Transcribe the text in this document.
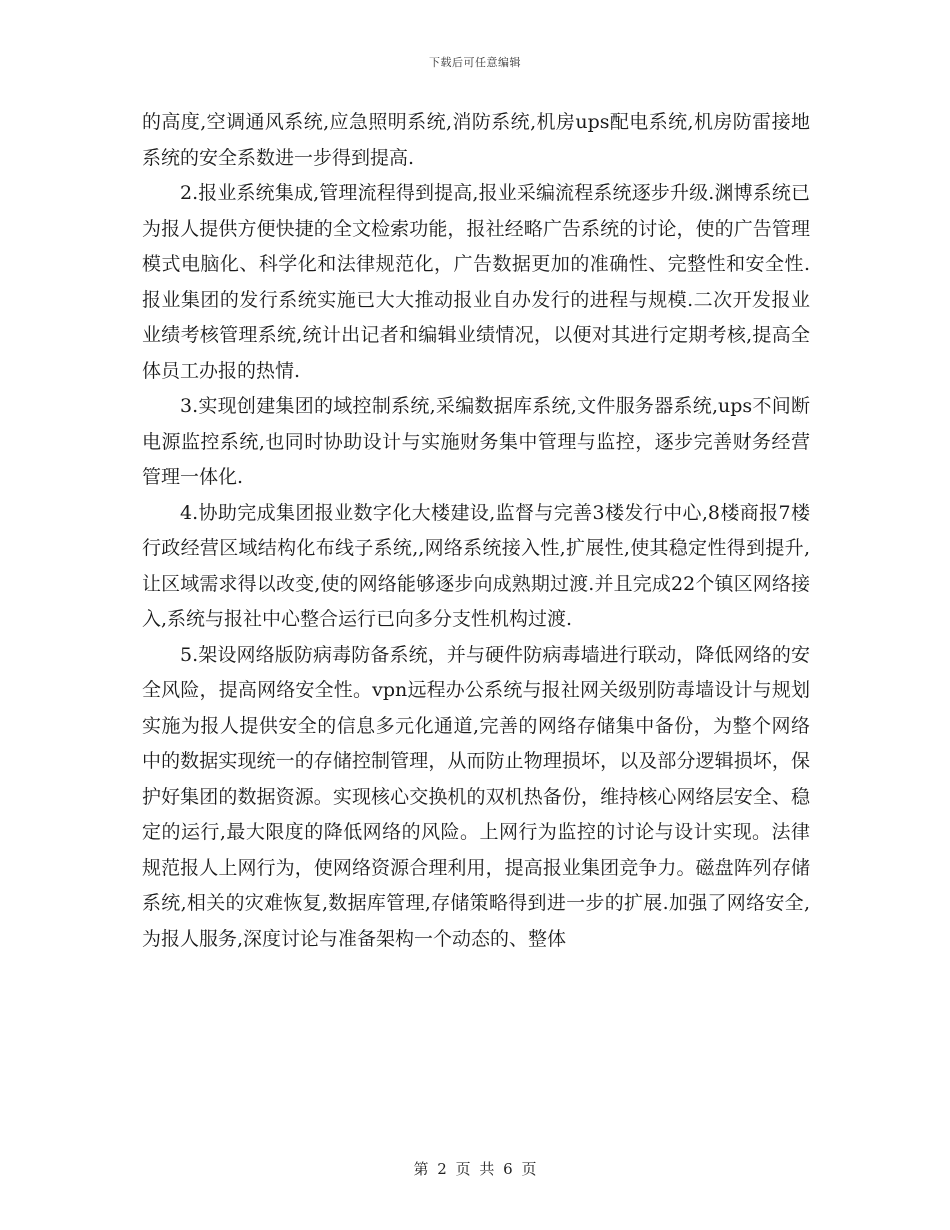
下载后可任意编辑

的高度,空调通风系统,应急照明系统,消防系统,机房ups配电系统,机房防雷接地系统的安全系数进一步得到提高.

2.报业系统集成,管理流程得到提高,报业采编流程系统逐步升级.渊博系统已为报人提供方便快捷的全文检索功能，报社经略广告系统的讨论，使的广告管理模式电脑化、科学化和法律规范化，广告数据更加的准确性、完整性和安全性.报业集团的发行系统实施已大大推动报业自办发行的进程与规模.二次开发报业业绩考核管理系统,统计出记者和编辑业绩情况，以便对其进行定期考核,提高全体员工办报的热情.

3.实现创建集团的域控制系统,采编数据库系统,文件服务器系统,ups不间断电源监控系统,也同时协助设计与实施财务集中管理与监控，逐步完善财务经营管理一体化.

4.协助完成集团报业数字化大楼建设,监督与完善3楼发行中心,8楼商报7楼行政经营区域结构化布线子系统,,网络系统接入性,扩展性,使其稳定性得到提升,让区域需求得以改变,使的网络能够逐步向成熟期过渡.并且完成22个镇区网络接入,系统与报社中心整合运行已向多分支性机构过渡.

5.架设网络版防病毒防备系统，并与硬件防病毒墙进行联动，降低网络的安全风险，提高网络安全性。vpn远程办公系统与报社网关级别防毒墙设计与规划实施为报人提供安全的信息多元化通道,完善的网络存储集中备份，为整个网络中的数据实现统一的存储控制管理，从而防止物理损坏，以及部分逻辑损坏，保护好集团的数据资源。实现核心交换机的双机热备份，维持核心网络层安全、稳定的运行,最大限度的降低网络的风险。上网行为监控的讨论与设计实现。法律规范报人上网行为，使网络资源合理利用，提高报业集团竞争力。磁盘阵列存储系统,相关的灾难恢复,数据库管理,存储策略得到进一步的扩展.加强了网络安全,为报人服务,深度讨论与准备架构一个动态的、整体

第 2 页 共 6 页
